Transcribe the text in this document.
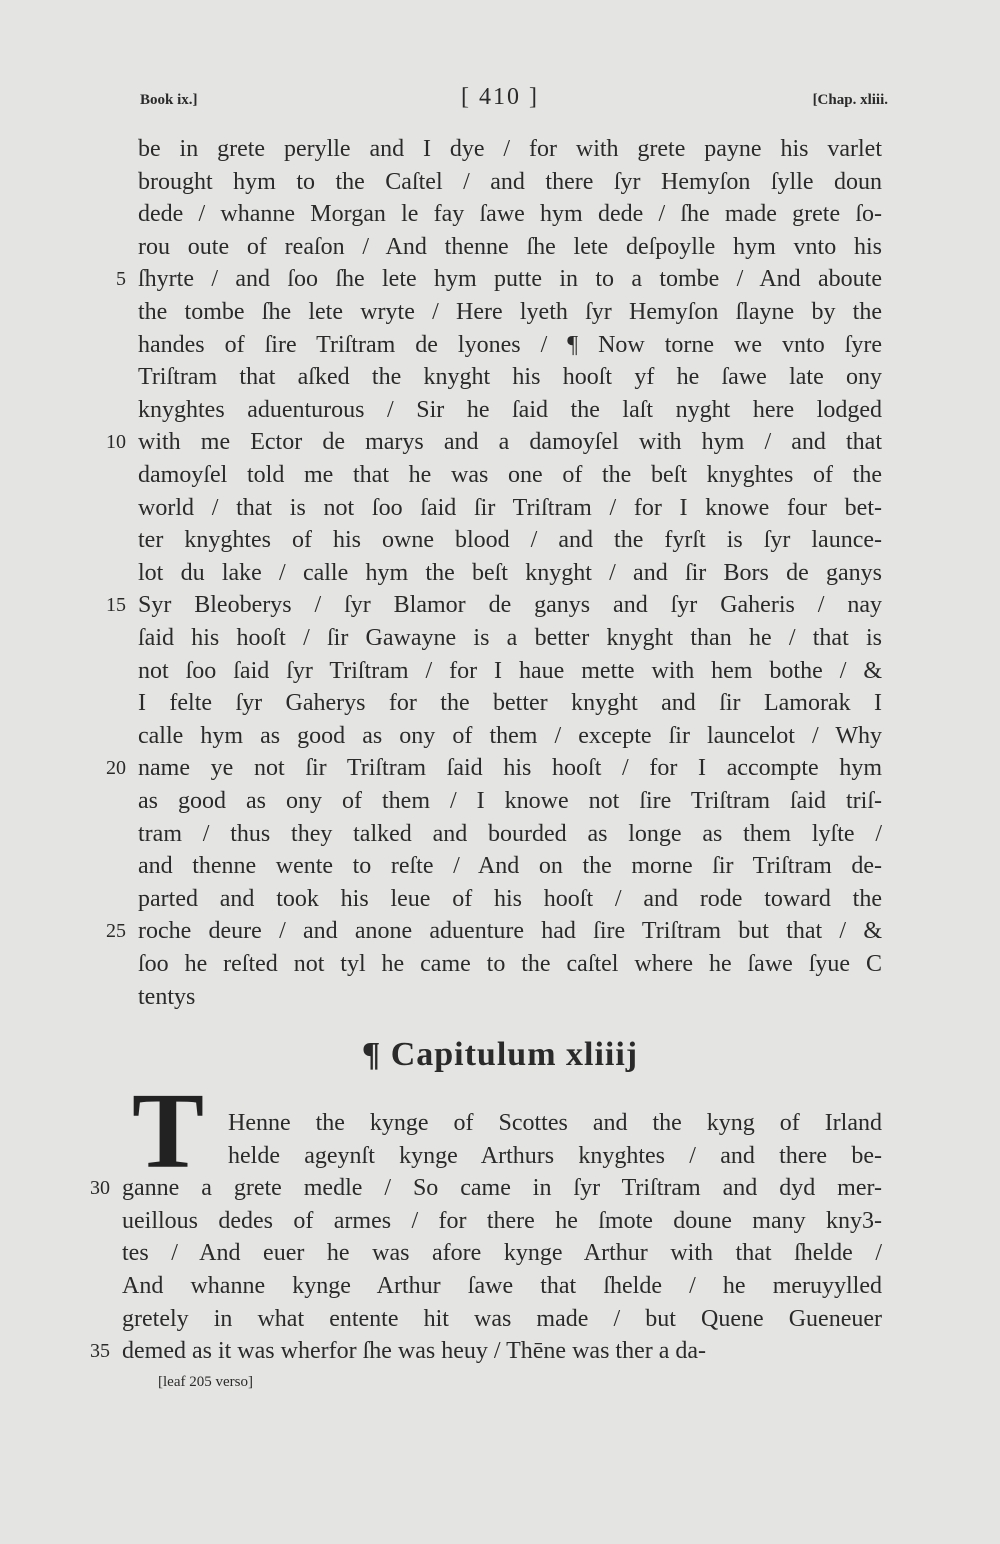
Book ix.]	[ 410 ]	[Chap. xliii.
be in grete perylle and I dye / for with grete payne his varlet
brought hym to the Caſtel / and there ſyr Hemyſon ſylle doun
dede / whanne Morgan le fay ſawe hym dede / ſhe made grete ſo-
rou oute of reaſon / And thenne ſhe lete deſpoylle hym vnto his
ſhyrte / and ſoo ſhe lete hym putte in to a tombe / And aboute
5
the tombe ſhe lete wryte / Here lyeth ſyr Hemyſon ſlayne by the
handes of ſire Triſtram de lyones / ¶ Now torne we vnto ſyre
Triſtram that aſked the knyght his hooſt yf he ſawe late ony
knyghtes aduenturous / Sir he ſaid the laſt nyght here lodged
with me Ector de marys and a damoyſel with hym / and that
10
damoyſel told me that he was one of the beſt knyghtes of the
world / that is not ſoo ſaid ſir Triſtram / for I knowe four bet-
ter knyghtes of his owne blood / and the fyrſt is ſyr launce-
lot du lake / calle hym the beſt knyght / and ſir Bors de ganys
Syr Bleoberys / ſyr Blamor de ganys and ſyr Gaheris / nay
15
ſaid his hooſt / ſir Gawayne is a better knyght than he / that is
not ſoo ſaid ſyr Triſtram / for I haue mette with hem bothe / &
I felte ſyr Gaherys for the better knyght and ſir Lamorak I
calle hym as good as ony of them / excepte ſir launcelot / Why
name ye not ſir Triſtram ſaid his hooſt / for I accompte hym
20
as good as ony of them / I knowe not ſire Triſtram ſaid triſ-
tram / thus they talked and bourded as longe as them lyſte /
and thenne wente to reſte / And on the morne ſir Triſtram de-
parted and took his leue of his hooſt / and rode toward the
roche deure / and anone aduenture had ſire Triſtram but that / &
25
ſoo he reſted not tyl he came to the caſtel where he ſawe ſyue C
tentys
¶ Capitulum xliiij
T Henne the kynge of Scottes and the kyng of Irland
helde ageynſt kynge Arthurs knyghtes / and there be-
ganne a grete medle / So came in ſyr Triſtram and dyd mer-
30
ueillous dedes of armes / for there he ſmote doune many kny3-
tes / And euer he was afore kynge Arthur with that ſhelde /
And whanne kynge Arthur ſawe that ſhelde / he meruyylled
gretely in what entente hit was made / but Quene Gueneuer
demed as it was wherfor ſhe was heuy / Thēne was ther a da-
35
[leaf 205 verso]
